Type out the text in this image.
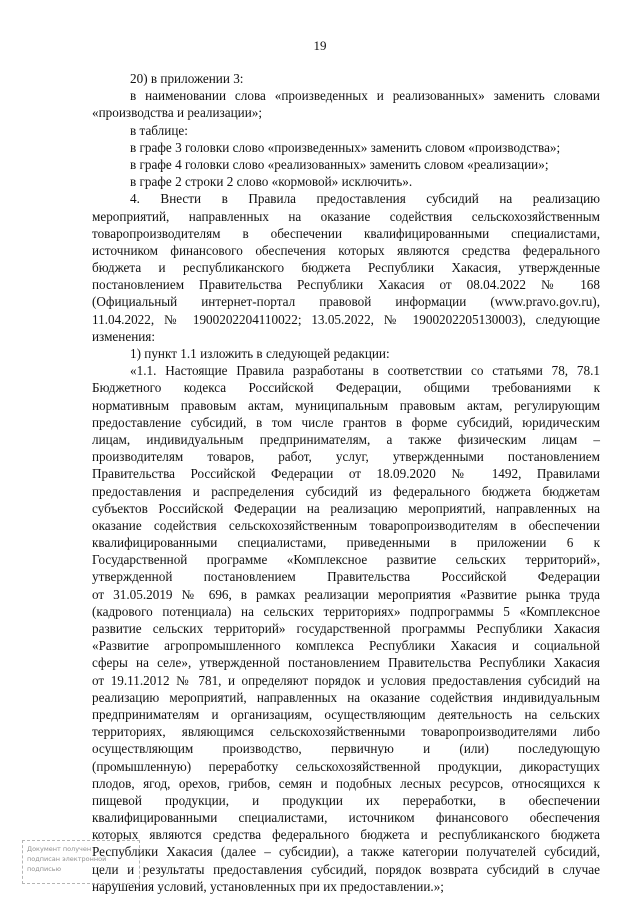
19
20) в приложении 3:
в наименовании слова «произведенных и реализованных» заменить словами
«производства и реализации»;
в таблице:
в графе 3 головки слово «произведенных» заменить словом «производства»;
в графе 4 головки слово «реализованных» заменить словом «реализации»;
в графе 2 строки 2 слово «кормовой» исключить».
4. Внести в Правила предоставления субсидий на реализацию
мероприятий, направленных на оказание содействия сельскохозяйственным
товаропроизводителям в обеспечении квалифицированными специалистами,
источником финансового обеспечения которых являются средства федерального
бюджета и республиканского бюджета Республики Хакасия, утвержденные
постановлением Правительства Республики Хакасия от 08.04.2022 № 168
(Официальный интернет-портал правовой информации (www.pravo.gov.ru),
11.04.2022, № 1900202204110022; 13.05.2022, № 1900202205130003), следующие
изменения:
1) пункт 1.1 изложить в следующей редакции:
«1.1. Настоящие Правила разработаны в соответствии со статьями 78, 78.1
Бюджетного кодекса Российской Федерации, общими требованиями к
нормативным правовым актам, муниципальным правовым актам, регулирующим
предоставление субсидий, в том числе грантов в форме субсидий, юридическим
лицам, индивидуальным предпринимателям, а также физическим лицам –
производителям товаров, работ, услуг, утвержденными постановлением
Правительства Российской Федерации от 18.09.2020 № 1492, Правилами
предоставления и распределения субсидий из федерального бюджета бюджетам
субъектов Российской Федерации на реализацию мероприятий, направленных на
оказание содействия сельскохозяйственным товаропроизводителям в обеспечении
квалифицированными специалистами, приведенными в приложении 6 к
Государственной программе «Комплексное развитие сельских территорий»,
утвержденной постановлением Правительства Российской Федерации
от 31.05.2019 № 696, в рамках реализации мероприятия «Развитие рынка труда
(кадрового потенциала) на сельских территориях» подпрограммы 5 «Комплексное
развитие сельских территорий» государственной программы Республики Хакасия
«Развитие агропромышленного комплекса Республики Хакасия и социальной
сферы на селе», утвержденной постановлением Правительства Республики Хакасия
от 19.11.2012 № 781, и определяют порядок и условия предоставления субсидий на
реализацию мероприятий, направленных на оказание содействия индивидуальным
предпринимателям и организациям, осуществляющим деятельность на сельских
территориях, являющимся сельскохозяйственными товаропроизводителями либо
осуществляющим производство, первичную и (или) последующую
(промышленную) переработку сельскохозяйственной продукции, дикорастущих
плодов, ягод, орехов, грибов, семян и подобных лесных ресурсов, относящихся к
пищевой продукции, и продукции их переработки, в обеспечении
квалифицированными специалистами, источником финансового обеспечения
которых являются средства федерального бюджета и республиканского бюджета
Республики Хакасия (далее – субсидии), а также категории получателей субсидий,
цели и результаты предоставления субсидий, порядок возврата субсидий в случае
нарушения условий, установленных при их предоставлении.»;
Документ получен
подписан электронной
подписью
